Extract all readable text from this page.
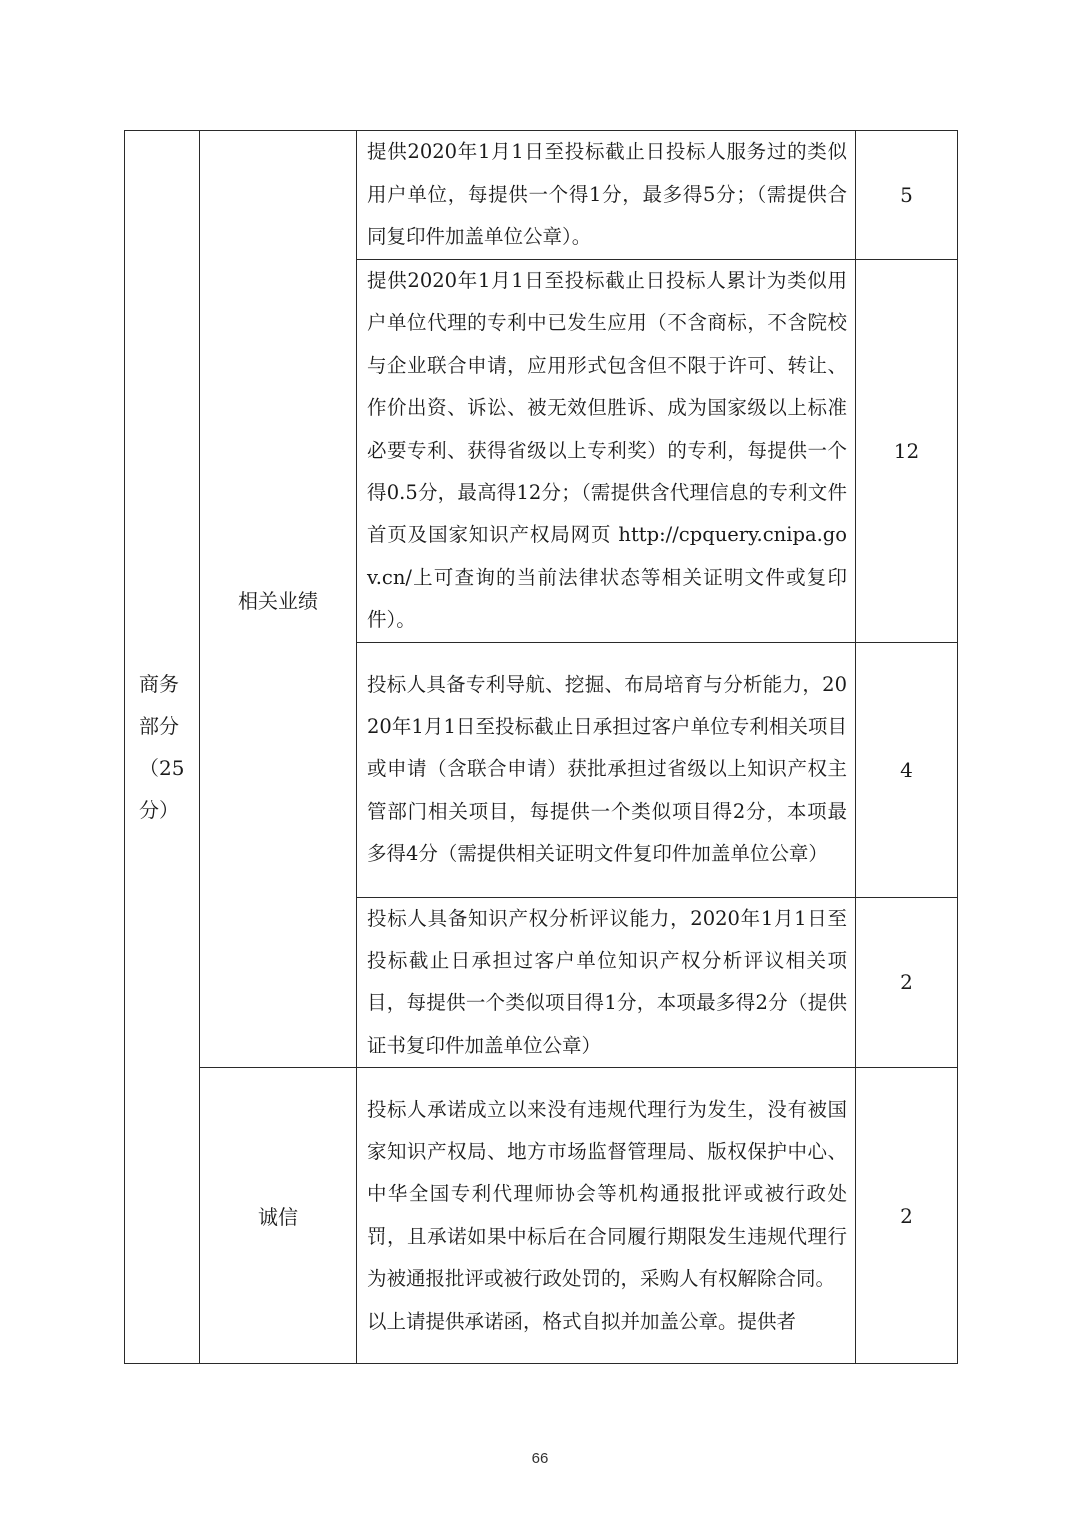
商务部分（25分）	相关业绩	提供2020年1月1日至投标截止日投标人服务过的类似用户单位，每提供一个得1分，最多得5分；（需提供合同复印件加盖单位公章）。	5

		提供2020年1月1日至投标截止日投标人累计为类似用户单位代理的专利中已发生应用（不含商标，不含院校与企业联合申请，应用形式包含但不限于许可、转让、作价出资、诉讼、被无效但胜诉、成为国家级以上标准必要专利、获得省级以上专利奖）的专利，每提供一个得0.5分，最高得12分；（需提供含代理信息的专利文件首页及国家知识产权局网页 http://cpquery.cnipa.gov.cn/上可查询的当前法律状态等相关证明文件或复印件）。	12

		投标人具备专利导航、挖掘、布局培育与分析能力，2020年1月1日至投标截止日承担过客户单位专利相关项目或申请（含联合申请）获批承担过省级以上知识产权主管部门相关项目，每提供一个类似项目得2分，本项最多得4分（需提供相关证明文件复印件加盖单位公章）	4

		投标人具备知识产权分析评议能力，2020年1月1日至投标截止日承担过客户单位知识产权分析评议相关项目，每提供一个类似项目得1分，本项最多得2分（提供证书复印件加盖单位公章）	2
	诚信	投标人承诺成立以来没有违规代理行为发生，没有被国家知识产权局、地方市场监督管理局、版权保护中心、中华全国专利代理师协会等机构通报批评或被行政处罚，且承诺如果中标后在合同履行期限发生违规代理行为被通报批评或被行政处罚的，采购人有权解除合同。
以上请提供承诺函，格式自拟并加盖公章。提供者	2
66
